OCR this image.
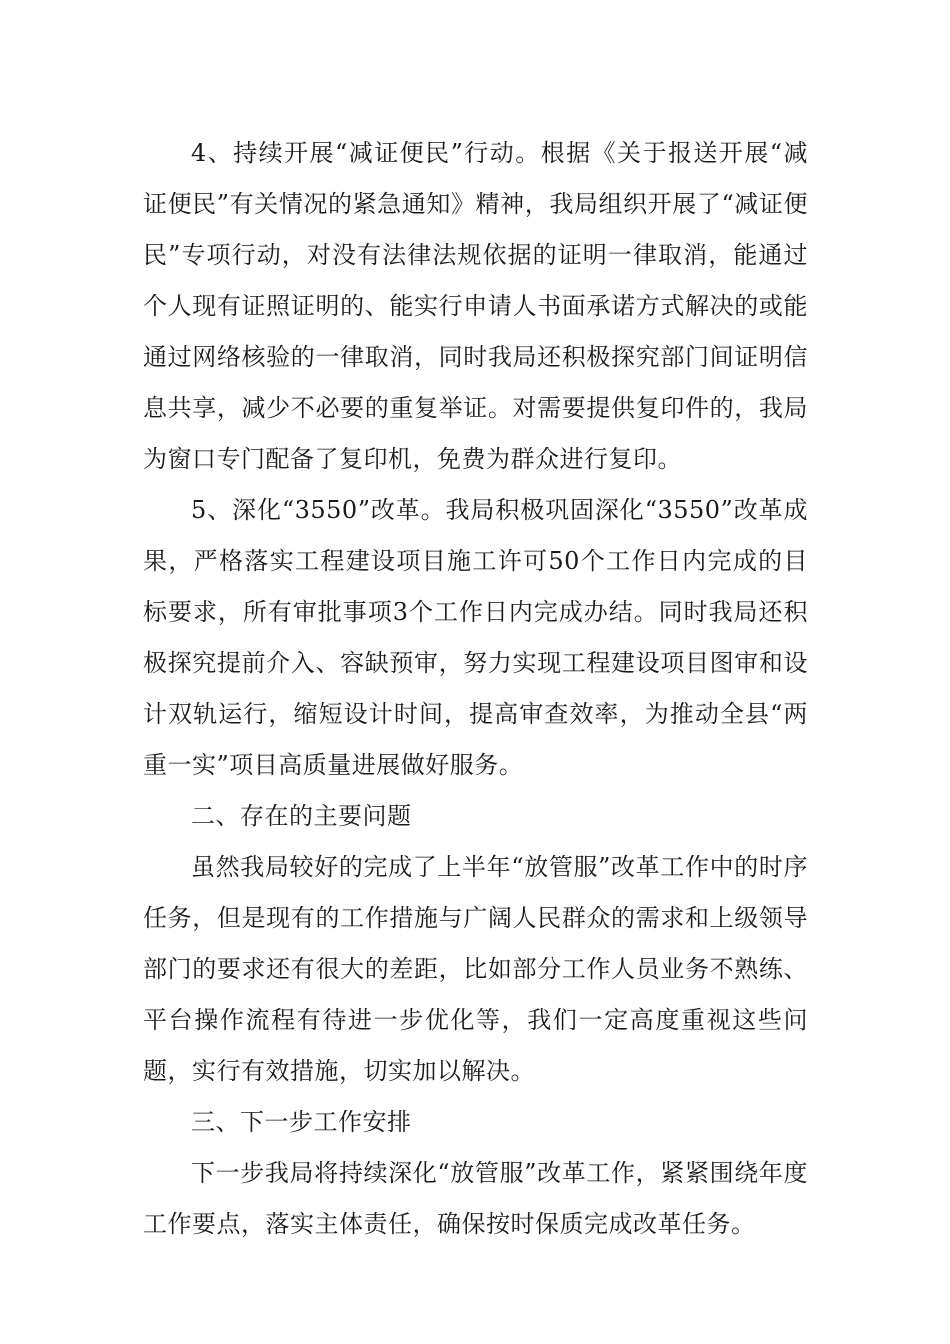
4、持续开展“减证便民”行动。根据《关于报送开展“减证便民”有关情况的紧急通知》精神，我局组织开展了“减证便民”专项行动，对没有法律法规依据的证明一律取消，能通过个人现有证照证明的、能实行申请人书面承诺方式解决的或能通过网络核验的一律取消，同时我局还积极探究部门间证明信息共享，减少不必要的重复举证。对需要提供复印件的，我局为窗口专门配备了复印机，免费为群众进行复印。

5、深化“3550”改革。我局积极巩固深化“3550”改革成果，严格落实工程建设项目施工许可50个工作日内完成的目标要求，所有审批事项3个工作日内完成办结。同时我局还积极探究提前介入、容缺预审，努力实现工程建设项目图审和设计双轨运行，缩短设计时间，提高审查效率，为推动全县“两重一实”项目高质量进展做好服务。

二、存在的主要问题

虽然我局较好的完成了上半年“放管服”改革工作中的时序任务，但是现有的工作措施与广阔人民群众的需求和上级领导部门的要求还有很大的差距，比如部分工作人员业务不熟练、平台操作流程有待进一步优化等，我们一定高度重视这些问题，实行有效措施，切实加以解决。

三、下一步工作安排

下一步我局将持续深化“放管服”改革工作，紧紧围绕年度工作要点，落实主体责任，确保按时保质完成改革任务。
